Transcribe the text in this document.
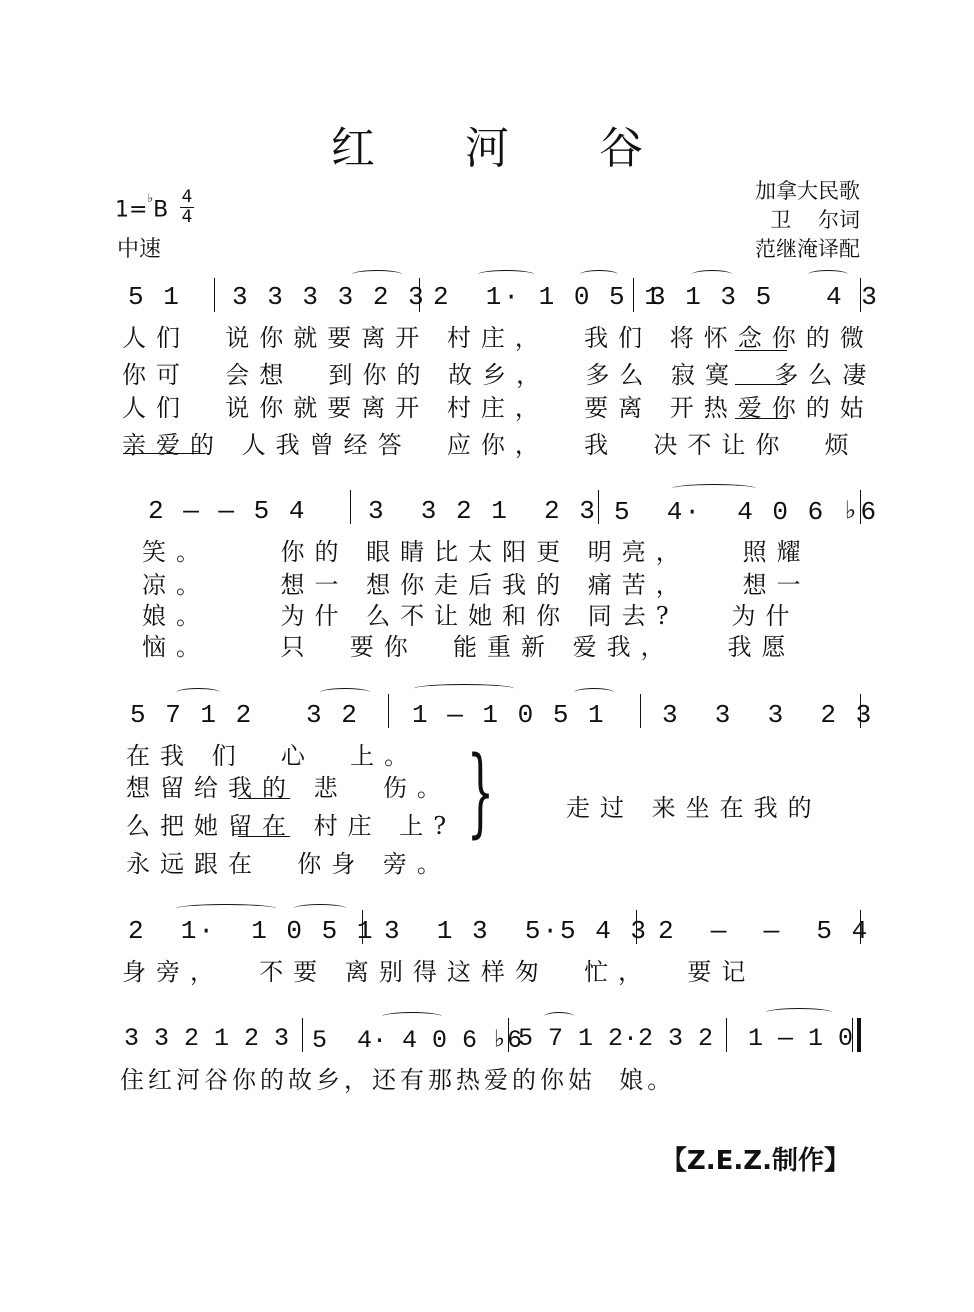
红 河 谷
1=♭B
4
4
中速
加拿大民歌
卫    尔词
范继淹译配
5 1 3 3 3 3 2 3 2  1· 1 0 5 1
3 1 3 5   4 3
人们  说你就要离开 村庄，  我们 将怀念你的微
你可  会想  到你的 故乡，  多么 寂寞  多么凄
人们  说你就要离开 村庄，  要离 开热爱你的姑
亲爱的 人我曾经答  应你，  我  决不让你  烦
2 — — 5 4 3  3 2 1  2 3 5  4·  4 0 6 ♭6
笑。    你的 眼睛比太阳更 明亮，   照耀
凉。    想一 想你走后我的 痛苦，   想一
娘。    为什 么不让她和你 同去?   为什
恼。    只  要你  能重新 爱我，   我愿
5 7 1 2   3 2 1 — 1 0 5 1 3  3  3  2 3
在我 们  心  上。
想留给我的 悲  伤。
么把她留在 村庄 上?
永远跟在  你身 旁。
}	走过 来坐在我的
2  1·  1 0 5 1 3  1 3  5·5 4 3 2  —  —  5 4
身旁，  不要 离别得这样匆  忙，  要记
3 3 2 1 2 3 5  4· 4 0 6 ♭6
5 7 1 2·2 3 2 1 — 1 0
住红河谷你的故乡，还有那热爱的你姑  娘。
【Z.E.Z.制作】
